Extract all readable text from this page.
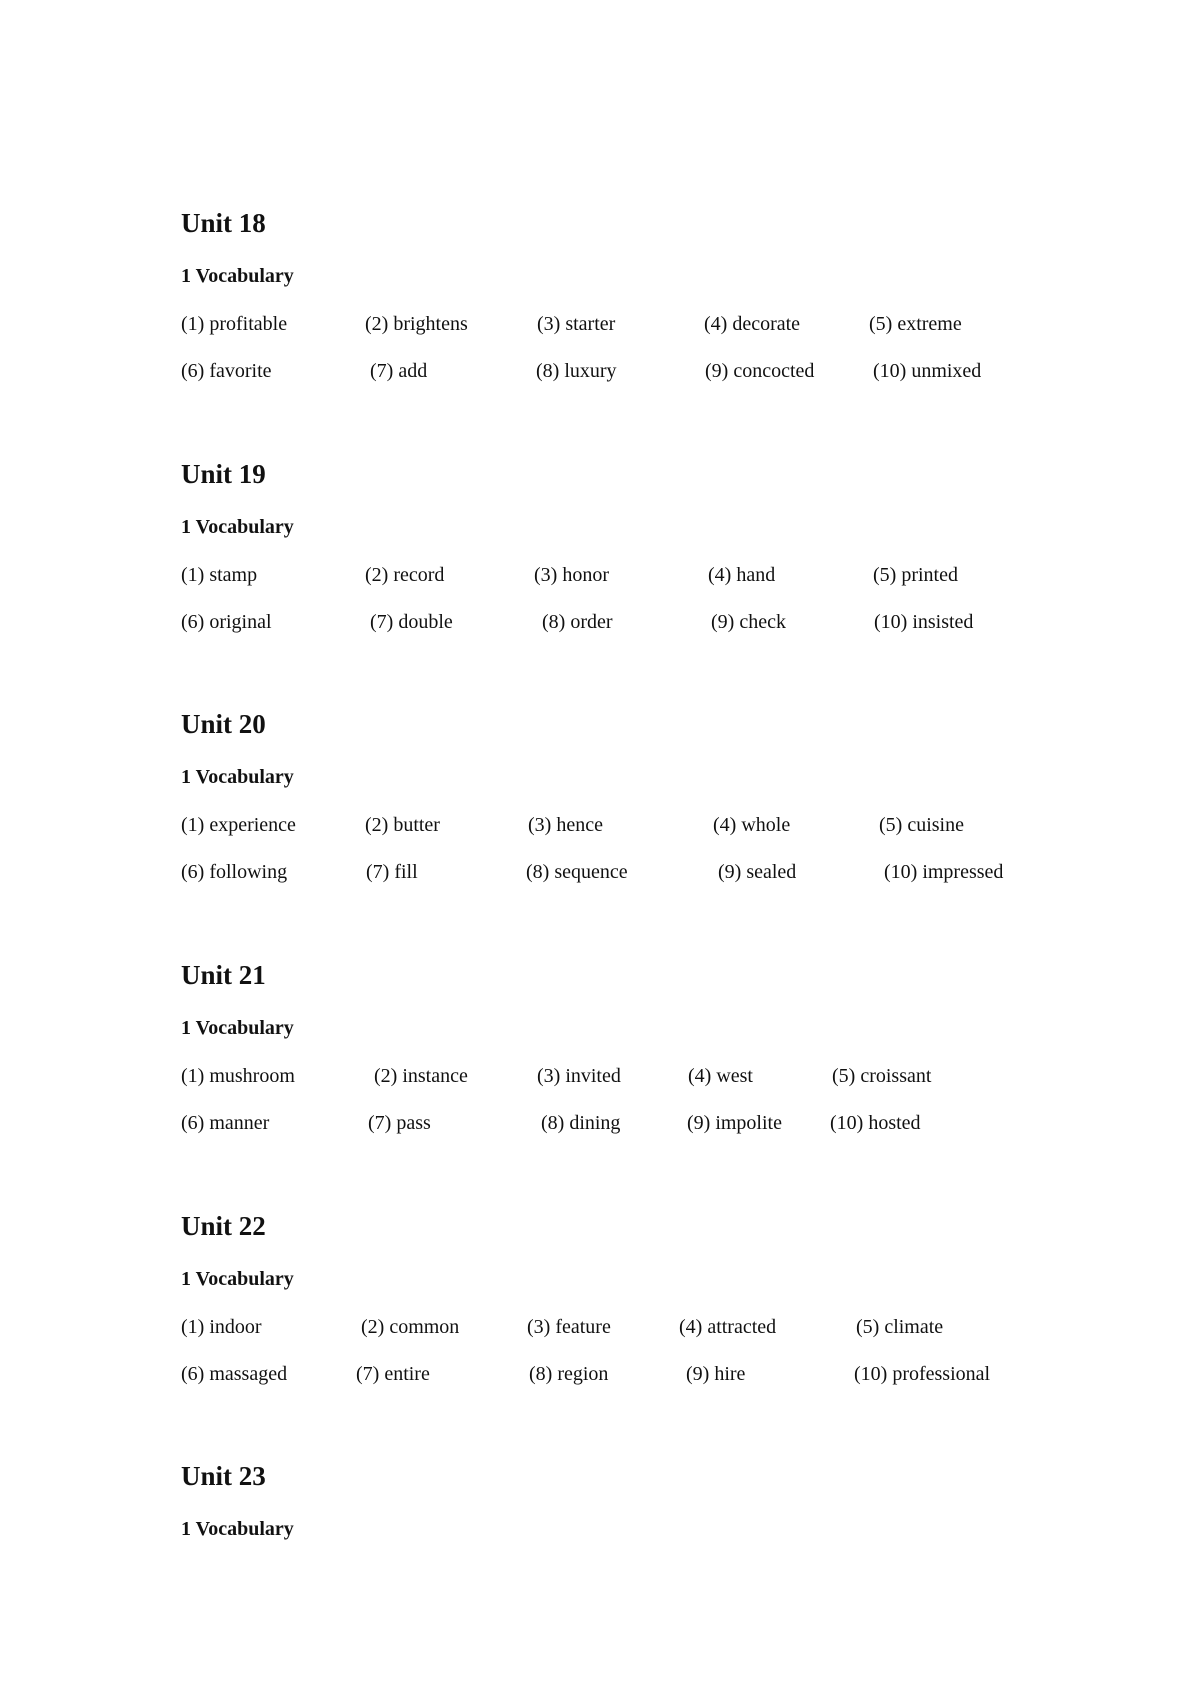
Unit 18
1 Vocabulary
(1) profitable	(2) brightens	(3) starter	(4) decorate	(5) extreme
(6) favorite	(7) add	(8) luxury	(9) concocted	(10) unmixed
Unit 19
1 Vocabulary
(1) stamp	(2) record	(3) honor	(4) hand	(5) printed
(6) original	(7) double	(8) order	(9) check	(10) insisted
Unit 20
1 Vocabulary
(1) experience	(2) butter	(3) hence	(4) whole	(5) cuisine
(6) following	(7) fill	(8) sequence	(9) sealed	(10) impressed
Unit 21
1 Vocabulary
(1) mushroom	(2) instance	(3) invited	(4) west	(5) croissant
(6) manner	(7) pass	(8) dining	(9) impolite (10) hosted
Unit 22
1 Vocabulary
(1) indoor	(2) common	(3) feature	(4) attracted	(5) climate
(6) massaged	(7) entire	(8) region	(9) hire	(10) professional
Unit 23
1 Vocabulary
